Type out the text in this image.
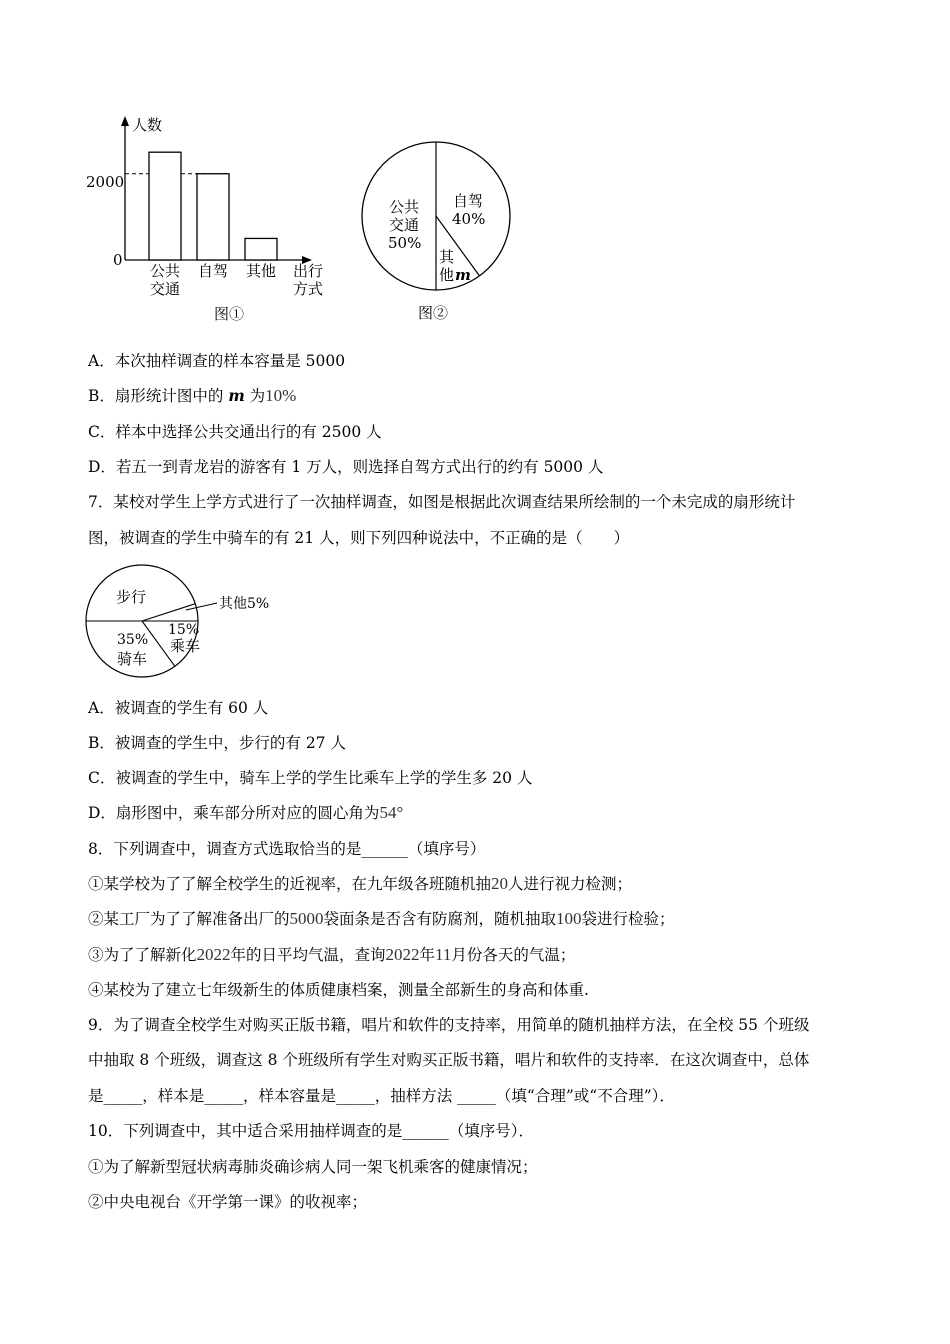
人数
2000
0
公共
交通
自驾 其他 出行
方式
图①
公共
交通
50%
自驾
40%
其
他 m
图②
A．本次抽样调查的样本容量是 5000
B．扇形统计图中的 m 为10%
C．样本中选择公共交通出行的有 2500 人
D．若五一到青龙岩的游客有 1 万人，则选择自驾方式出行的约有 5000 人
7．某校对学生上学方式进行了一次抽样调查，如图是根据此次调查结果所绘制的一个未完成的扇形统计
图，被调查的学生中骑车的有 21 人，则下列四种说法中，不正确的是（　　）
步行	其他5%
15%
乘车
35%
骑车
A．被调查的学生有 60 人
B．被调查的学生中，步行的有 27 人
C．被调查的学生中，骑车上学的学生比乘车上学的学生多 20 人
D．扇形图中，乘车部分所对应的圆心角为54°
8．下列调查中，调查方式选取恰当的是______（填序号）
①某学校为了了解全校学生的近视率，在九年级各班随机抽20人进行视力检测；
②某工厂为了了解准备出厂的5000袋面条是否含有防腐剂，随机抽取100袋进行检验；
③为了了解新化2022年的日平均气温，查询2022年11月份各天的气温；
④某校为了建立七年级新生的体质健康档案，测量全部新生的身高和体重.
9．为了调查全校学生对购买正版书籍，唱片和软件的支持率，用简单的随机抽样方法，在全校 55 个班级
中抽取 8 个班级，调查这 8 个班级所有学生对购买正版书籍，唱片和软件的支持率．在这次调查中，总体
是_____，样本是_____，样本容量是_____，抽样方法 _____（填“合理”或“不合理”）．
10．下列调查中，其中适合采用抽样调查的是______（填序号）．
①为了解新型冠状病毒肺炎确诊病人同一架飞机乘客的健康情况；
②中央电视台《开学第一课》的收视率；
